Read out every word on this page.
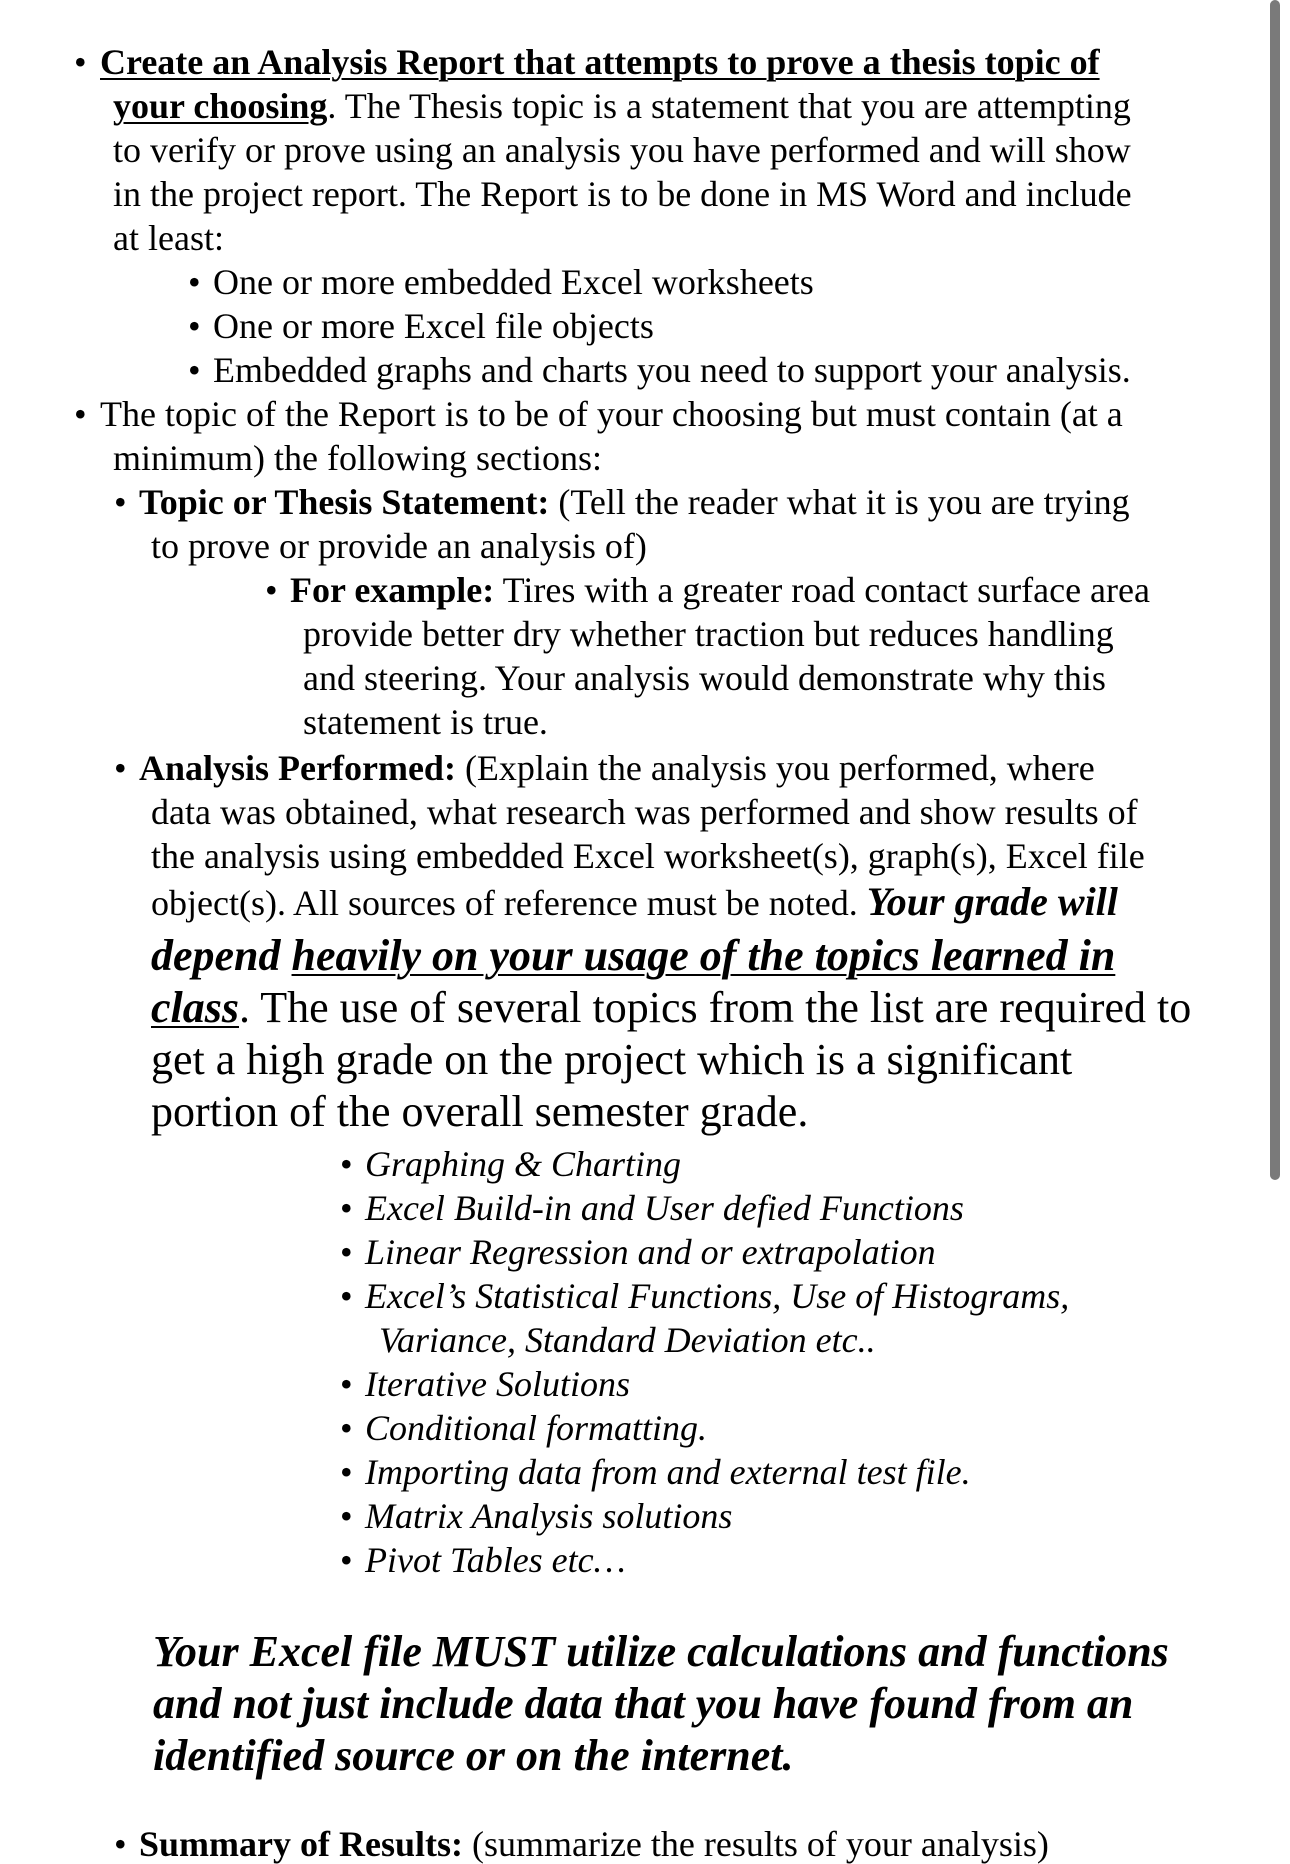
• Create an Analysis Report that attempts to prove a thesis topic of
your choosing. The Thesis topic is a statement that you are attempting
to verify or prove using an analysis you have performed and will show
in the project report. The Report is to be done in MS Word and include
at least:
• One or more embedded Excel worksheets
• One or more Excel file objects
• Embedded graphs and charts you need to support your analysis.
• The topic of the Report is to be of your choosing but must contain (at a
minimum) the following sections:
• Topic or Thesis Statement: (Tell the reader what it is you are trying
to prove or provide an analysis of)
• For example: Tires with a greater road contact surface area
provide better dry whether traction but reduces handling
and steering. Your analysis would demonstrate why this
statement is true.
• Analysis Performed: (Explain the analysis you performed, where
data was obtained, what research was performed and show results of
the analysis using embedded Excel worksheet(s), graph(s), Excel file
object(s). All sources of reference must be noted. Your grade will
depend heavily on your usage of the topics learned in
class. The use of several topics from the list are required to
get a high grade on the project which is a significant
portion of the overall semester grade.
• Graphing & Charting
• Excel Build-in and User defied Functions
• Linear Regression and or extrapolation
• Excel’s Statistical Functions, Use of Histograms,
Variance, Standard Deviation etc..
• Iterative Solutions
• Conditional formatting.
• Importing data from and external test file.
• Matrix Analysis solutions
• Pivot Tables etc…
Your Excel file MUST utilize calculations and functions
and not just include data that you have found from an
identified source or on the internet.
• Summary of Results: (summarize the results of your analysis)
